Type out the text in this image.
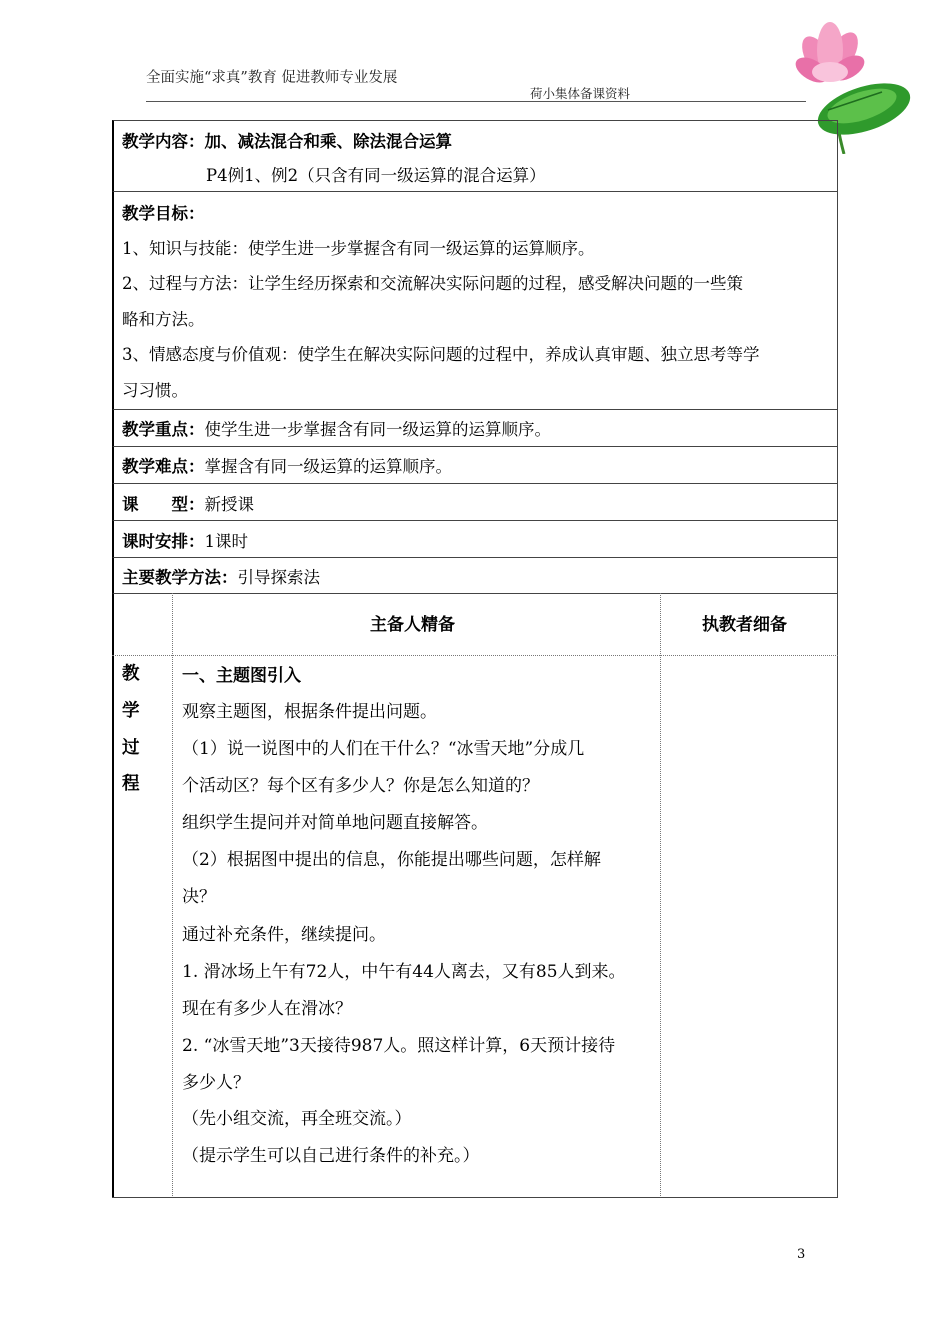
全面实施“求真”教育 促进教师专业发展
荷小集体备课资料
教学内容：加、减法混合和乘、除法混合运算
P4例1、例2（只含有同一级运算的混合运算）
教学目标：
1、知识与技能：使学生进一步掌握含有同一级运算的运算顺序。
2、过程与方法：让学生经历探索和交流解决实际问题的过程，感受解决问题的一些策
略和方法。
3、情感态度与价值观：使学生在解决实际问题的过程中，养成认真审题、独立思考等学
习习惯。
教学重点：使学生进一步掌握含有同一级运算的运算顺序。
教学难点：掌握含有同一级运算的运算顺序。
课　　型：新授课
课时安排：1课时
主要教学方法：引导探索法
主备人精备	执教者细备
教
学
过
程
一、主题图引入
观察主题图，根据条件提出问题。
（1）说一说图中的人们在干什么？“冰雪天地”分成几
个活动区？每个区有多少人？你是怎么知道的？
组织学生提问并对简单地问题直接解答。
（2）根据图中提出的信息，你能提出哪些问题，怎样解
决？
通过补充条件，继续提问。
1. 滑冰场上午有72人，中午有44人离去，又有85人到来。
现在有多少人在滑冰？
2. “冰雪天地”3天接待987人。照这样计算，6天预计接待
多少人？
（先小组交流，再全班交流。）
（提示学生可以自己进行条件的补充。）
3
